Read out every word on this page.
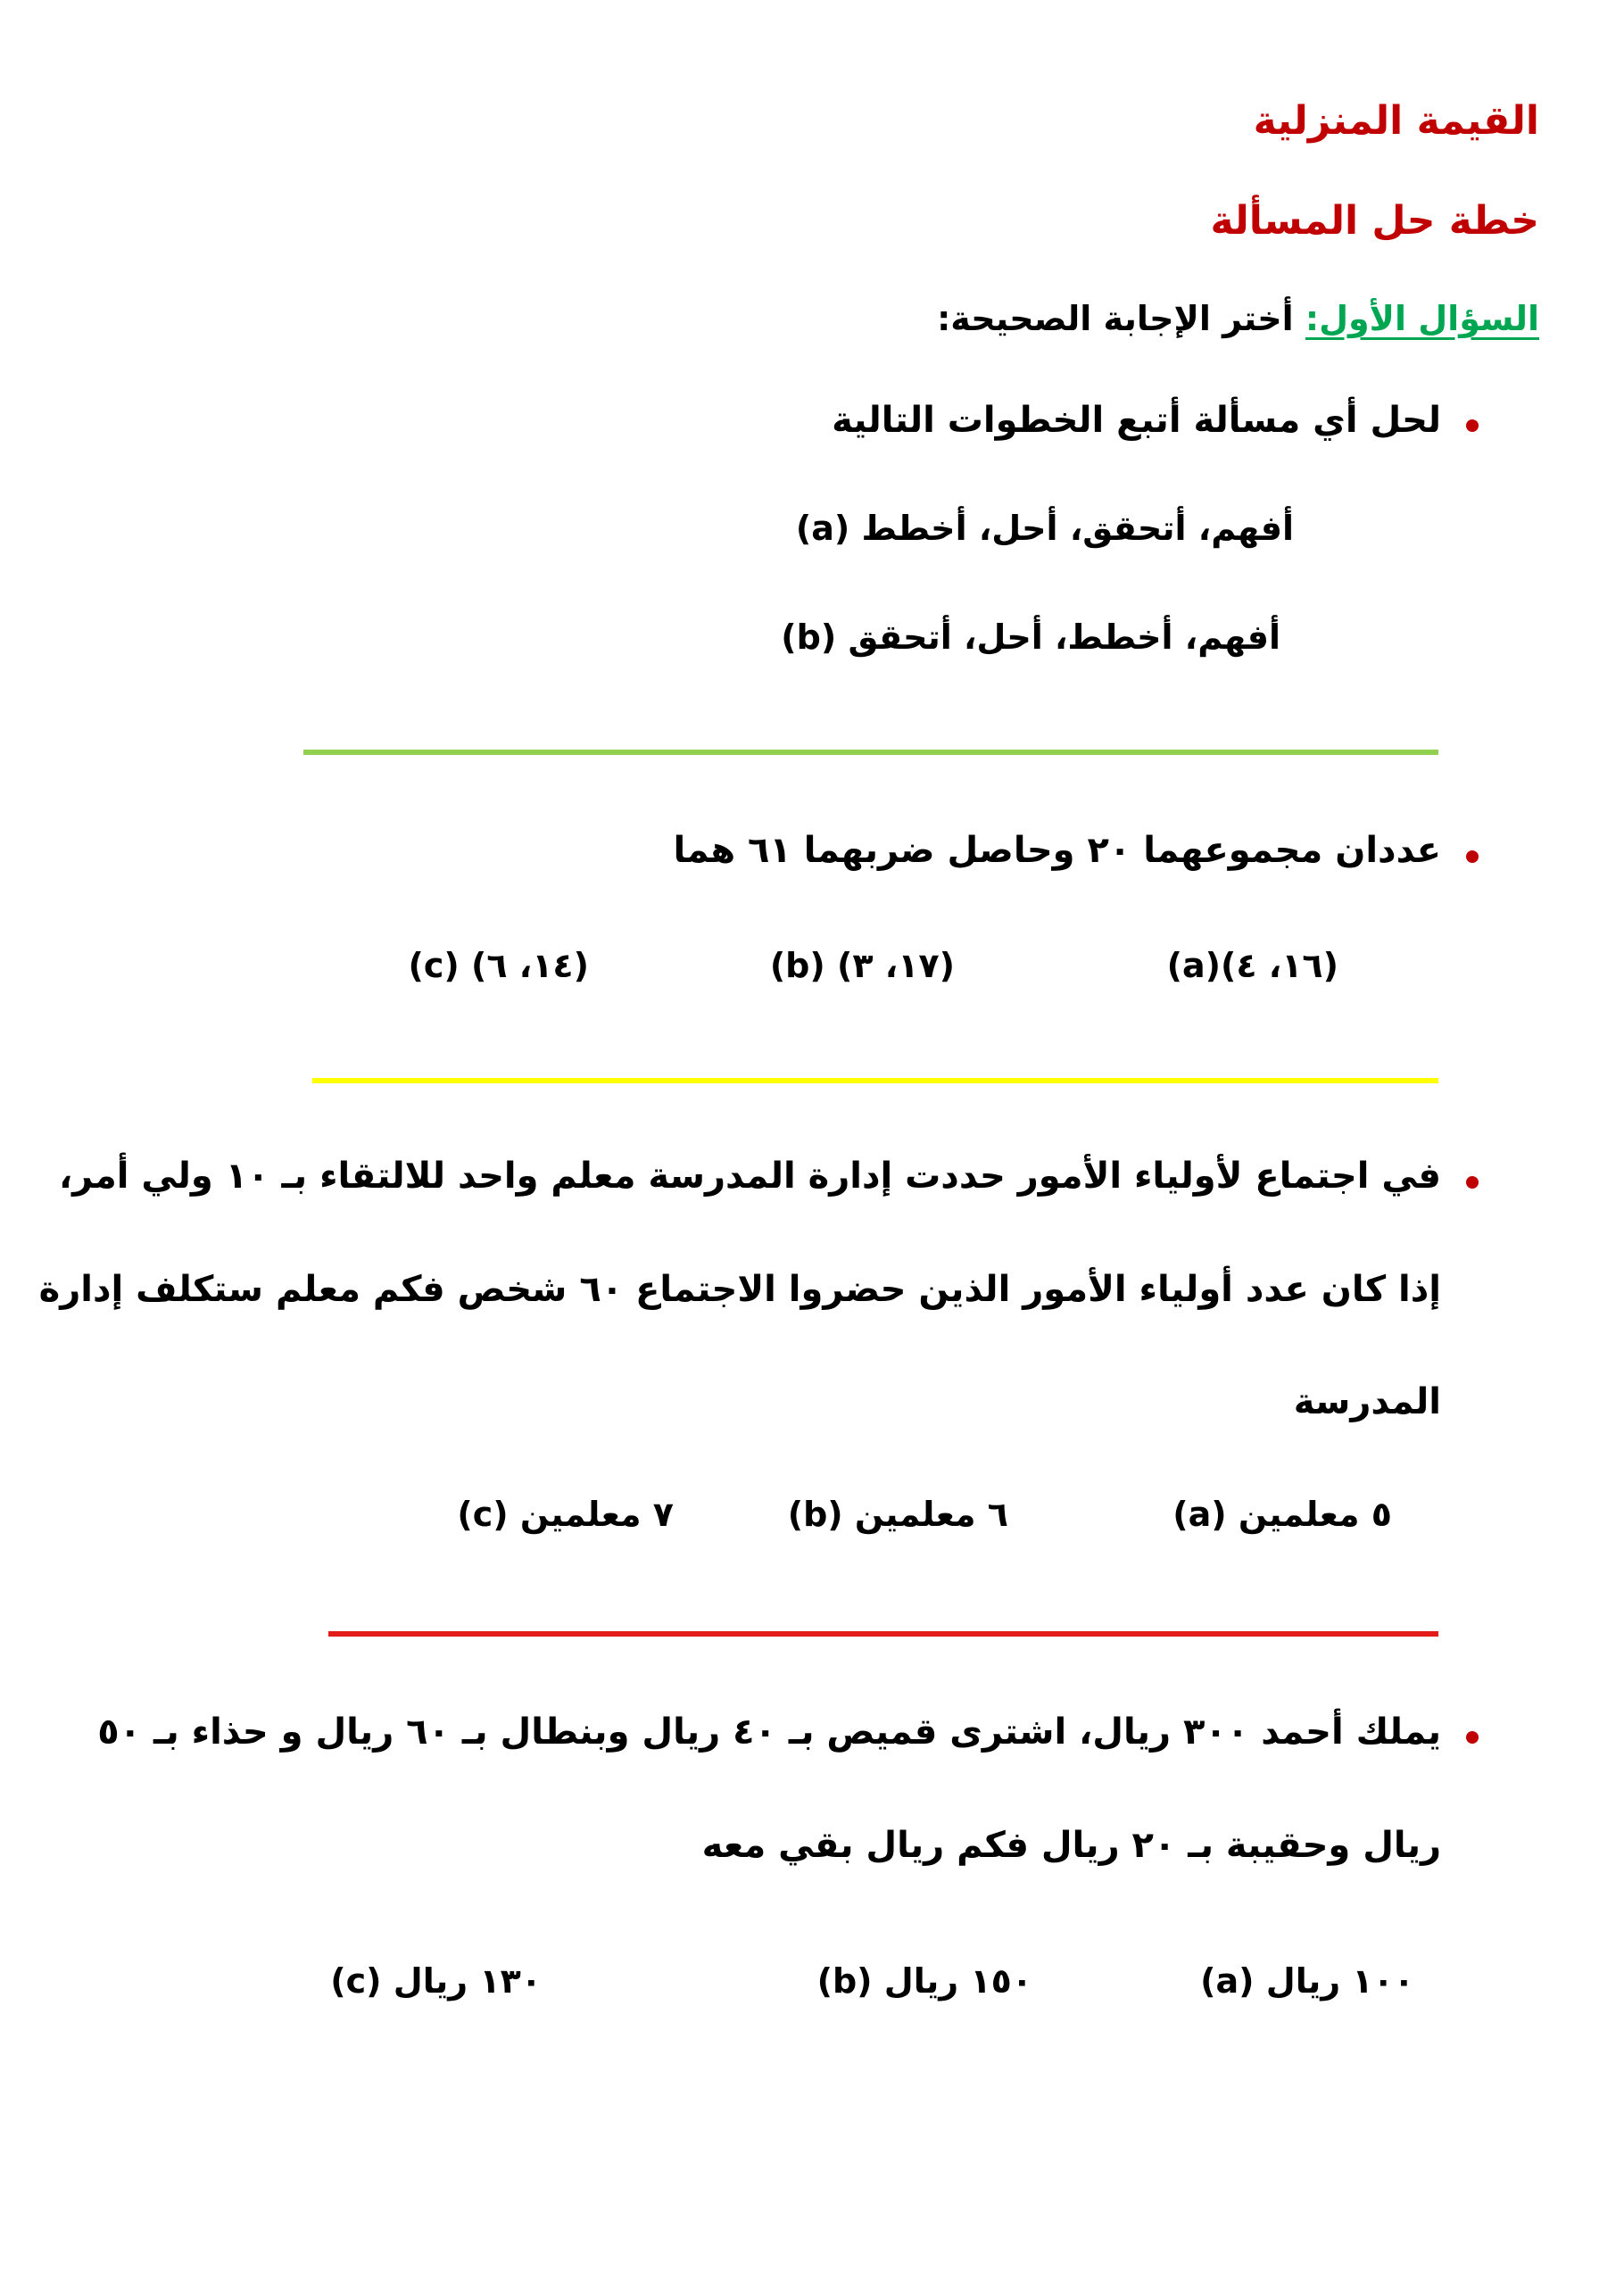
القيمة المنزلية
خطة حل المسألة
السؤال الأول: أختر الإجابة الصحيحة:
لحل أي مسألة أتبع الخطوات التالية
(a) أفهم، أتحقق، أحل، أخطط
(b) أفهم، أخطط، أحل، أتحقق
عددان مجموعهما ٢٠ وحاصل ضربهما ٦١ هما
(a)(١٦، ٤)
(b) (١٧، ٣)
(c) (١٤، ٦)
في اجتماع لأولياء الأمور حددت إدارة المدرسة معلم واحد للالتقاء بـ ١٠ ولي أمر،
إذا كان عدد أولياء الأمور الذين حضروا الاجتماع ٦٠ شخص فكم معلم ستكلف إدارة
المدرسة
(a) ٥ معلمين
(b) ٦ معلمين
(c) ٧ معلمين
يملك أحمد ٣٠٠ ريال، اشترى قميص بـ ٤٠ ريال وبنطال بـ ٦٠ ريال و حذاء بـ ٥٠
ريال وحقيبة بـ ٢٠ ريال فكم ريال بقي معه
(a) ١٠٠ ريال
(b) ١٥٠ ريال
(c) ١٣٠ ريال
